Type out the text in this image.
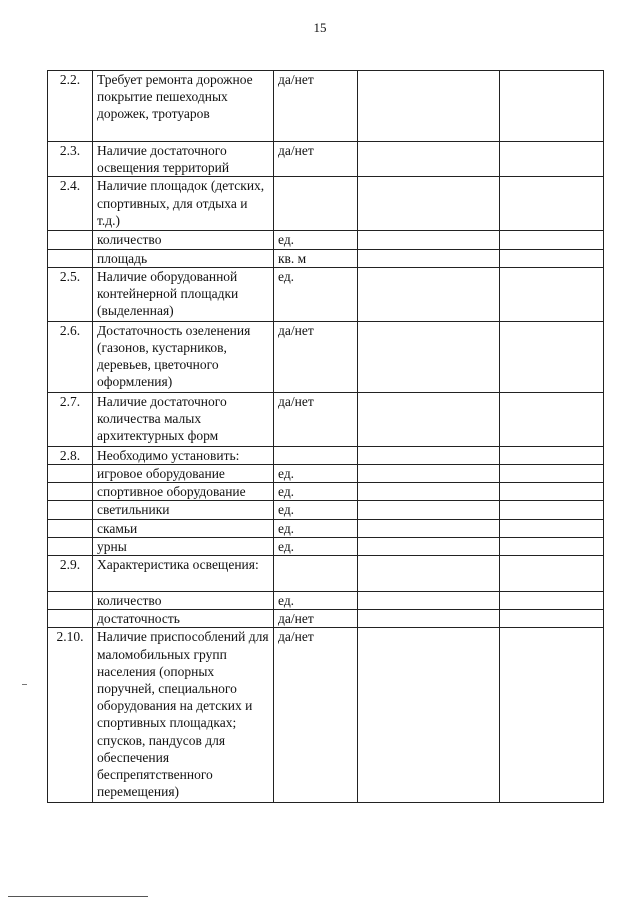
15
2.2.	Требует ремонта дорожное покрытие пешеходных дорожек, тротуаров	да/нет		
2.3.	Наличие достаточного освещения территорий	да/нет		
2.4.	Наличие площадок (детских, спортивных, для отдыха и т.д.)			
	количество	ед.		
	площадь	кв. м		
2.5.	Наличие оборудованной контейнерной площадки (выделенная)	ед.		
2.6.	Достаточность озеленения (газонов, кустарников, деревьев, цветочного оформления)	да/нет		
2.7.	Наличие достаточного количества малых архитектурных форм	да/нет		
2.8.	Необходимо установить:			
	игровое оборудование	ед.		
	спортивное оборудование	ед.		
	светильники	ед.		
	скамьи	ед.		
	урны	ед.		
2.9.	Характеристика освещения:			
	количество	ед.		
	достаточность	да/нет		
2.10.	Наличие приспособлений для маломобильных групп населения (опорных поручней, специального оборудования на детских и спортивных площадках; спусков, пандусов для обеспечения беспрепятственного перемещения)	да/нет		
